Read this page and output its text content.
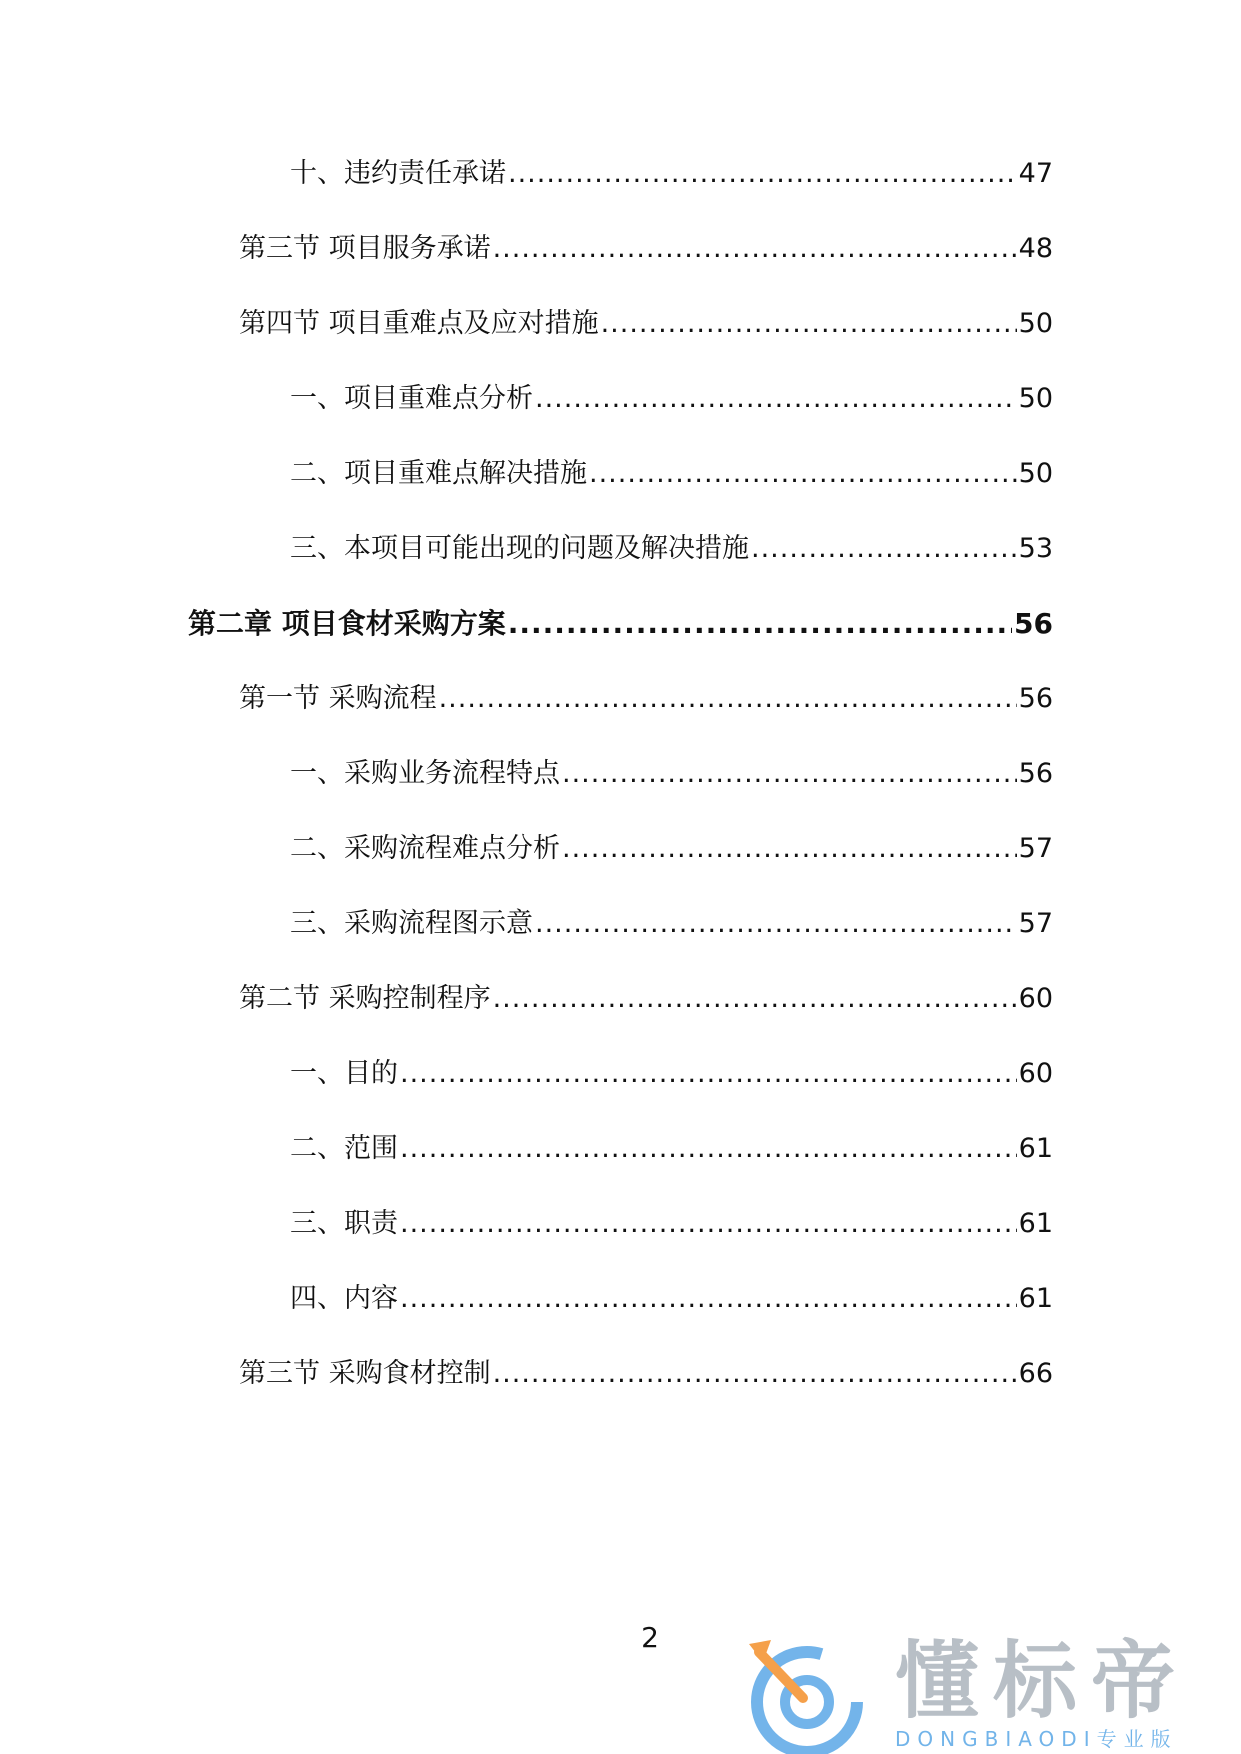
十、违约责任承诺 .....	47
第三节 项目服务承诺 .....	48
第四节 项目重难点及应对措施 .....	50
一、项目重难点分析 .....	50
二、项目重难点解决措施 .....	50
三、本项目可能出现的问题及解决措施 .....	53
第二章 项目食材采购方案 .....	56
第一节 采购流程 .....	56
一、采购业务流程特点 .....	56
二、采购流程难点分析 .....	57
三、采购流程图示意 .....	57
第二节 采购控制程序 .....	60
一、目的 .....	60
二、范围 .....	61
三、职责 .....	61
四、内容 .....	61
第三节 采购食材控制 .....	66
2	懂标帝
DONGBIAODI专业版
